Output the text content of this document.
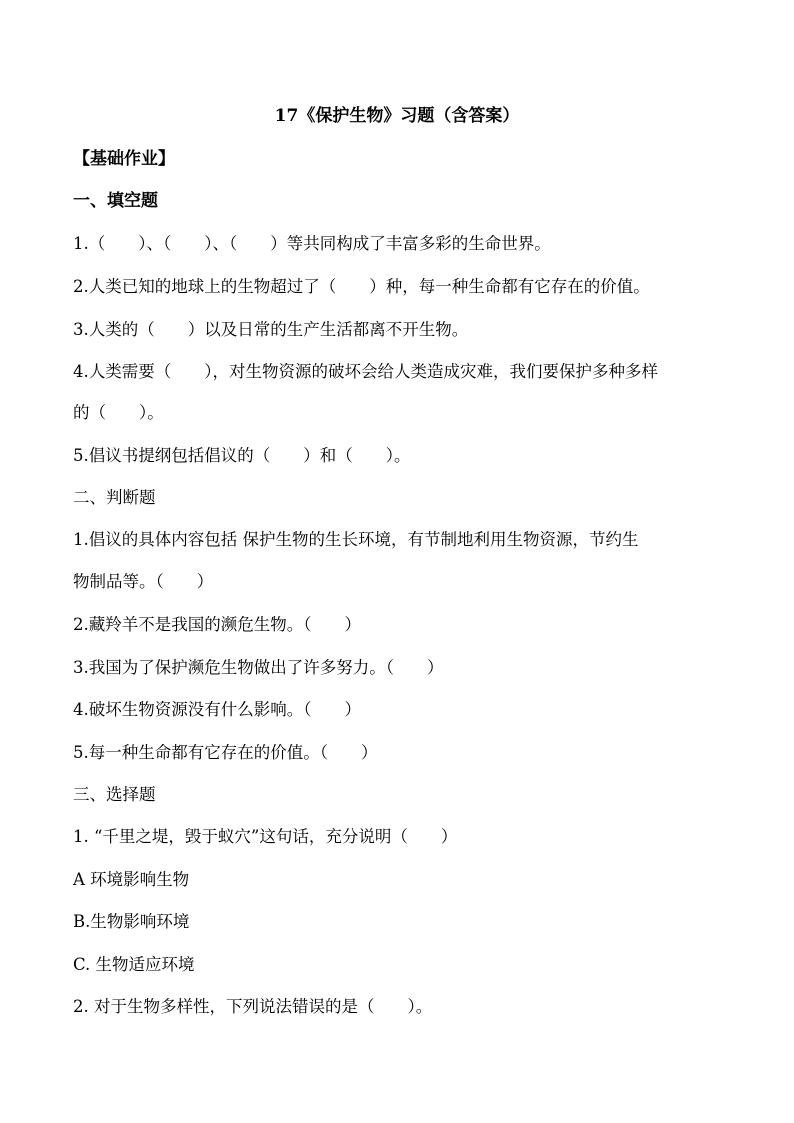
17《保护生物》习题（含答案）
【基础作业】
一、填空题
1.（　　）、（　　）、（　　）等共同构成了丰富多彩的生命世界。
2.人类已知的地球上的生物超过了（　　）种，每一种生命都有它存在的价值。
3.人类的（　　）以及日常的生产生活都离不开生物。
4.人类需要（　　），对生物资源的破坏会给人类造成灾难，我们要保护多种多样
的（　　）。
5.倡议书提纲包括倡议的（　　）和（　　）。
二、判断题
1.倡议的具体内容包括 保护生物的生长环境，有节制地利用生物资源，节约生
物制品等。（　　）
2.藏羚羊不是我国的濒危生物。（　　）
3.我国为了保护濒危生物做出了许多努力。（　　）
4.破坏生物资源没有什么影响。（　　）
5.每一种生命都有它存在的价值。（　　）
三、选择题
1. “千里之堤，毁于蚁穴”这句话，充分说明（　　）
A 环境影响生物
B.生物影响环境
C. 生物适应环境
2. 对于生物多样性，下列说法错误的是（　　）。
